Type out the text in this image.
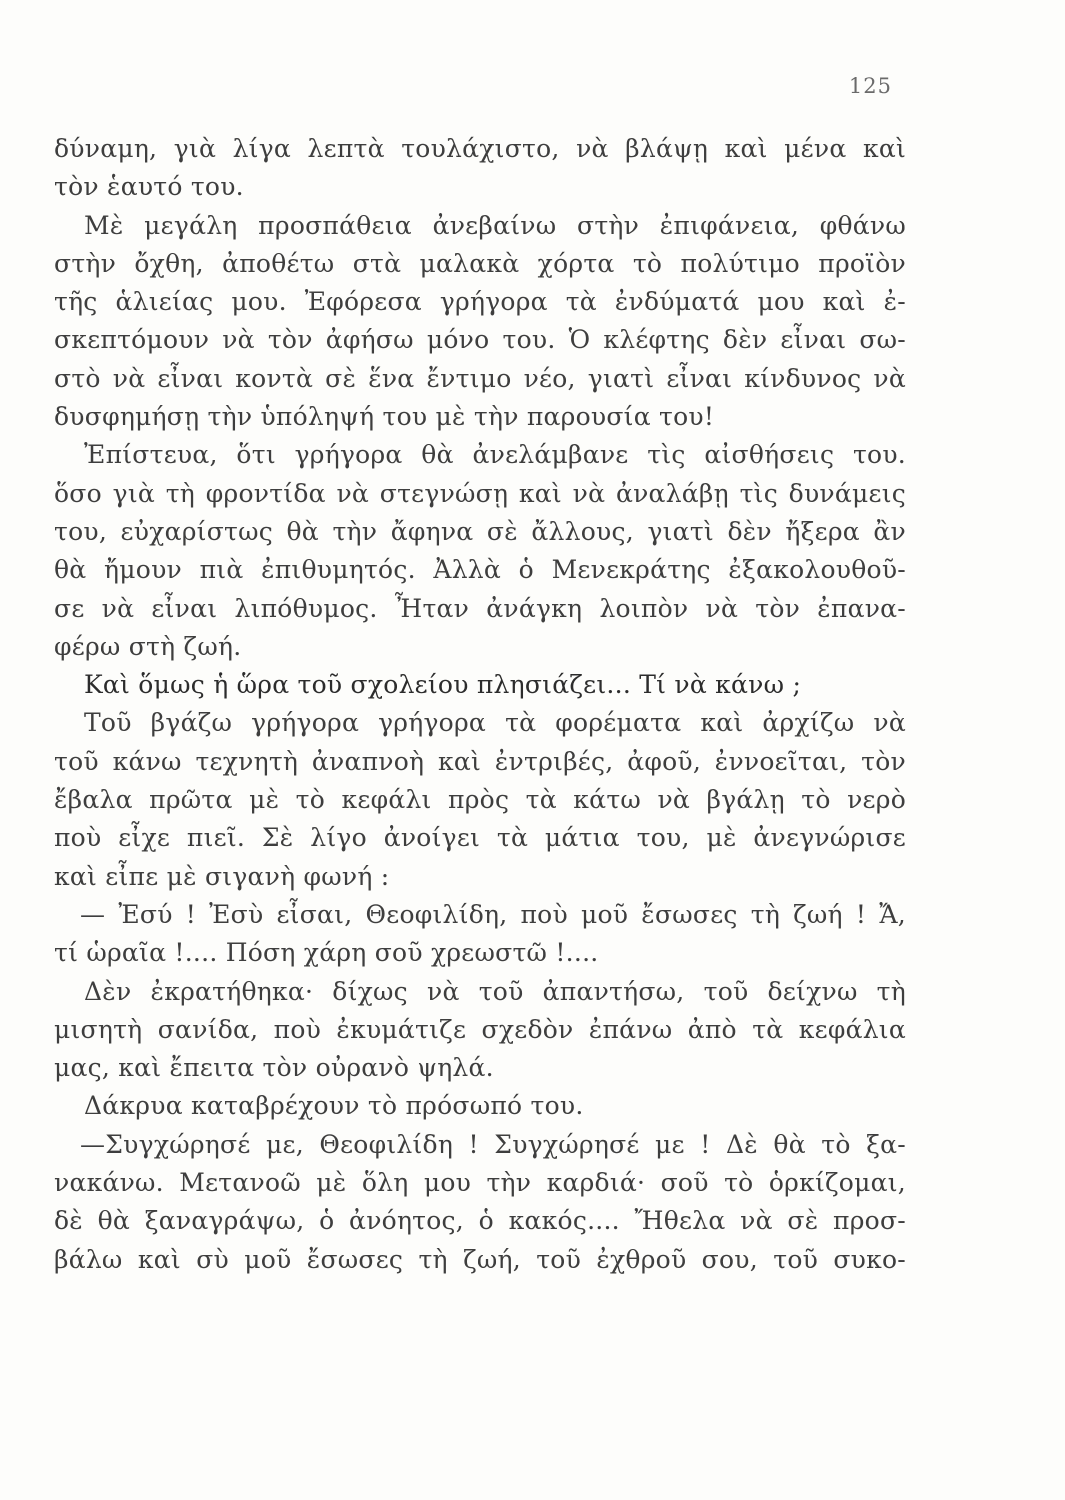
125
δύναμη, γιὰ λίγα λεπτὰ τουλάχιστο, νὰ βλάψῃ καὶ μένα καὶ
τὸν ἑαυτό του.
Μὲ μεγάλη προσπάθεια ἀνεβαίνω στὴν ἐπιφάνεια, φθάνω
στὴν ὄχθη, ἀποθέτω στὰ μαλακὰ χόρτα τὸ πολύτιμο προϊὸν
τῆς ἁλιείας μου. Ἐφόρεσα γρήγορα τὰ ἐνδύματά μου καὶ ἐ-
σκεπτόμουν νὰ τὸν ἀφήσω μόνο του. Ὁ κλέφτης δὲν εἶναι σω-
στὸ νὰ εἶναι κοντὰ σὲ ἕνα ἔντιμο νέο, γιατὶ εἶναι κίνδυνος νὰ
δυσφημήσῃ τὴν ὑπόληψή του μὲ τὴν παρουσία του!
Ἐπίστευα, ὅτι γρήγορα θὰ ἀνελάμβανε τὶς αἰσθήσεις του.
ὅσο γιὰ τὴ φροντίδα νὰ στεγνώσῃ καὶ νὰ ἀναλάβῃ τὶς δυνάμεις
του, εὐχαρίστως θὰ τὴν ἄφηνα σὲ ἄλλους, γιατὶ δὲν ἤξερα ἂν
θὰ ἤμουν πιὰ ἐπιθυμητός. Ἀλλὰ ὁ Μενεκράτης ἐξακολουθοῦ-
σε νὰ εἶναι λιπόθυμος. Ἦταν ἀνάγκη λοιπὸν νὰ τὸν ἐπανα-
φέρω στὴ ζωή.
Καὶ ὅμως ἡ ὥρα τοῦ σχολείου πλησιάζει... Τί νὰ κάνω ;
Τοῦ βγάζω γρήγορα γρήγορα τὰ φορέματα καὶ ἀρχίζω νὰ
τοῦ κάνω τεχνητὴ ἀναπνοὴ καὶ ἐντριβές, ἀφοῦ, ἐννοεῖται, τὸν
ἔβαλα πρῶτα μὲ τὸ κεφάλι πρὸς τὰ κάτω νὰ βγάλῃ τὸ νερὸ
ποὺ εἶχε πιεῖ. Σὲ λίγο ἀνοίγει τὰ μάτια του, μὲ ἀνεγνώρισε
καὶ εἶπε μὲ σιγανὴ φωνή :
— Ἐσύ ! Ἐσὺ εἶσαι, Θεοφιλίδη, ποὺ μοῦ ἔσωσες τὴ ζωή ! Ἄ,
τί ὡραῖα !.... Πόση χάρη σοῦ χρεωστῶ !....
Δὲν ἐκρατήθηκα· δίχως νὰ τοῦ ἀπαντήσω, τοῦ δείχνω τὴ
μισητὴ σανίδα, ποὺ ἐκυμάτιζε σχεδὸν ἐπάνω ἀπὸ τὰ κεφάλια
μας, καὶ ἔπειτα τὸν οὐρανὸ ψηλά.
Δάκρυα καταβρέχουν τὸ πρόσωπό του.
—Συγχώρησέ με, Θεοφιλίδη ! Συγχώρησέ με ! Δὲ θὰ τὸ ξα-
νακάνω. Μετανοῶ μὲ ὅλη μου τὴν καρδιά· σοῦ τὸ ὁρκίζομαι,
δὲ θὰ ξαναγράψω, ὁ ἀνόητος, ὁ κακός.... Ἤθελα νὰ σὲ προσ-
βάλω καὶ σὺ μοῦ ἔσωσες τὴ ζωή, τοῦ ἐχθροῦ σου, τοῦ συκο-
